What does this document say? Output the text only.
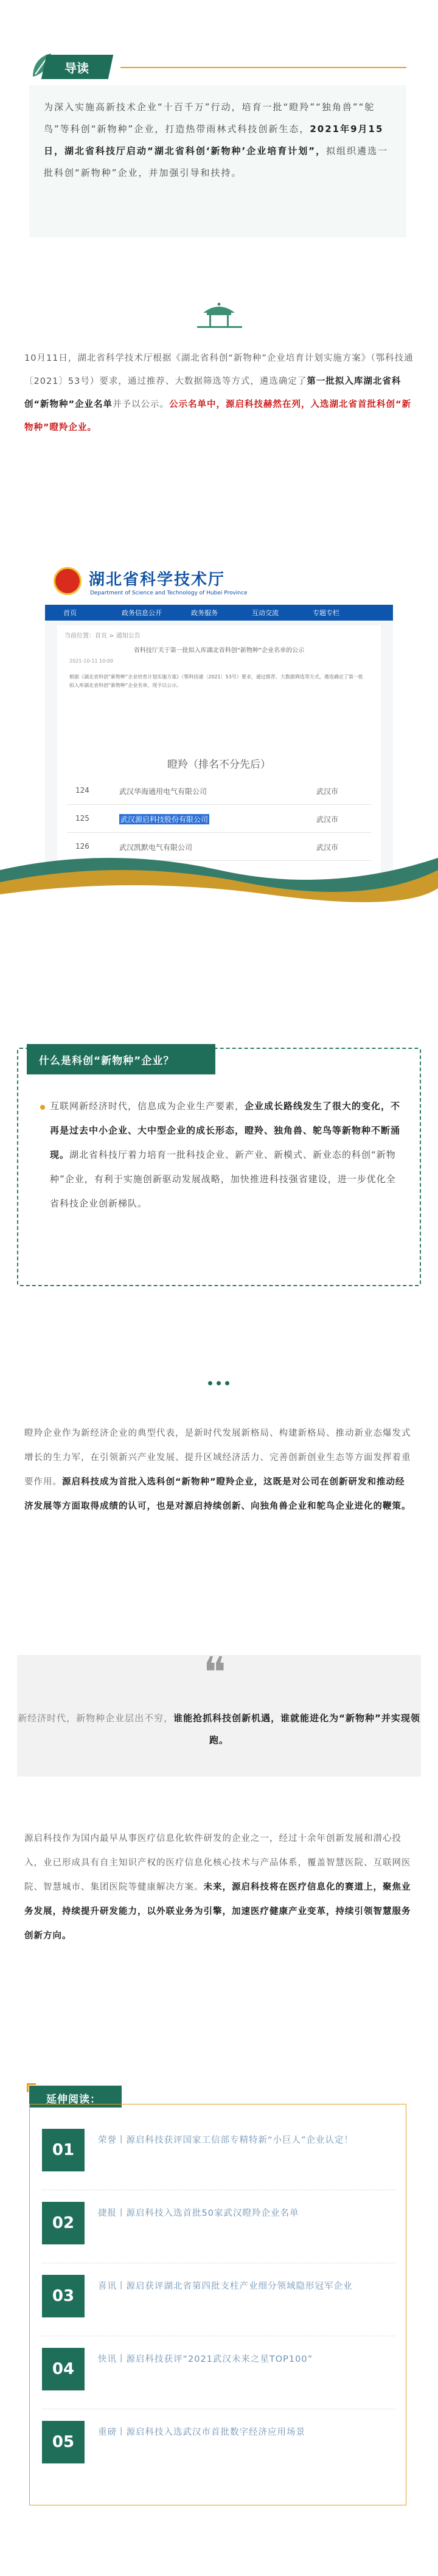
导读
为深入实施高新技术企业“十百千万”行动，培育一批“瞪羚”“独角兽”“鸵鸟”等科创“新物种”企业，打造热带雨林式科技创新生态，2021年9月15日，湖北省科技厅启动“湖北省科创‘新物种’企业培育计划”，拟组织遴选一批科创“新物种”企业，并加强引导和扶持。
10月11日，湖北省科学技术厅根据《湖北省科创“新物种”企业培育计划实施方案》（鄂科技通〔2021〕53号）要求，通过推荐、大数据筛选等方式，遴选确定了第一批拟入库湖北省科创“新物种”企业名单并予以公示。公示名单中，源启科技赫然在列，入选湖北省首批科创“新物种”瞪羚企业。
湖北省科学技术厅
Department of Science and Technology of Hubei Province
首页	政务信息公开	政务服务	互动交流	专题专栏
当前位置：首页 > 通知公告
省科技厅关于第一批拟入库湖北省科创“新物种”企业名单的公示
2021-10-11 10:00
根据《湖北省科创“新物种”企业培育计划实施方案》（鄂科技通〔2021〕53号）要求，通过推荐、大数据筛选等方式，遴选确定了第一批拟入库湖北省科创“新物种”企业名单，现予以公示。
瞪羚（排名不分先后）
124	武汉华海通用电气有限公司	武汉市
125	武汉源启科技股份有限公司	武汉市
126	武汉凯默电气有限公司	武汉市
什么是科创“新物种”企业？
互联网新经济时代，信息成为企业生产要素，企业成长路线发生了很大的变化，不再是过去中小企业、大中型企业的成长形态，瞪羚、独角兽、鸵鸟等新物种不断涌现。湖北省科技厅着力培育一批科技企业、新产业、新模式、新业态的科创“新物种”企业，有利于实施创新驱动发展战略，加快推进科技强省建设，进一步优化全省科技企业创新梯队。
瞪羚企业作为新经济企业的典型代表，是新时代发展新格局、构建新格局、推动新业态爆发式增长的生力军，在引领新兴产业发展、提升区域经济活力、完善创新创业生态等方面发挥着重要作用。源启科技成为首批入选科创“新物种”瞪羚企业，这既是对公司在创新研发和推动经济发展等方面取得成绩的认可，也是对源启持续创新、向独角兽企业和鸵鸟企业进化的鞭策。
❝
新经济时代，新物种企业层出不穷，谁能抢抓科技创新机遇，谁就能进化为“新物种”并实现领跑。
源启科技作为国内最早从事医疗信息化软件研发的企业之一，经过十余年创新发展和潜心投入，业已形成具有自主知识产权的医疗信息化核心技术与产品体系，覆盖智慧医院、互联网医院、智慧城市、集团医院等健康解决方案。未来，源启科技将在医疗信息化的赛道上，聚焦业务发展，持续提升研发能力，以外联业务为引擎，加速医疗健康产业变革，持续引领智慧服务创新方向。
延伸阅读：
01
荣誉丨源启科技获评国家工信部专精特新“小巨人”企业认定！
02
捷报丨源启科技入选首批50家武汉瞪羚企业名单
03
喜讯丨源启获评湖北省第四批支柱产业细分领域隐形冠军企业
04
快讯丨源启科技获评“2021武汉未来之星TOP100”
05
重磅丨源启科技入选武汉市首批数字经济应用场景
